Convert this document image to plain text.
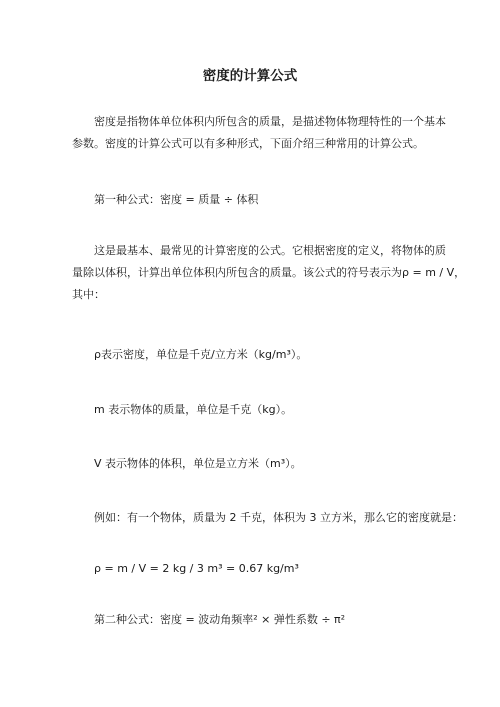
密度的计算公式
密度是指物体单位体积内所包含的质量，是描述物体物理特性的一个基本
参数。密度的计算公式可以有多种形式，下面介绍三种常用的计算公式。
第一种公式：密度 = 质量 ÷ 体积
这是最基本、最常见的计算密度的公式。它根据密度的定义，将物体的质
量除以体积，计算出单位体积内所包含的质量。该公式的符号表示为ρ = m / V，
其中：
ρ表示密度，单位是千克/立方米（kg/m³）。
m 表示物体的质量，单位是千克（kg）。
V 表示物体的体积，单位是立方米（m³）。
例如：有一个物体，质量为 2 千克，体积为 3 立方米，那么它的密度就是：
ρ = m / V = 2 kg / 3 m³ = 0.67 kg/m³
第二种公式：密度 = 波动角频率² × 弹性系数 ÷ π²
